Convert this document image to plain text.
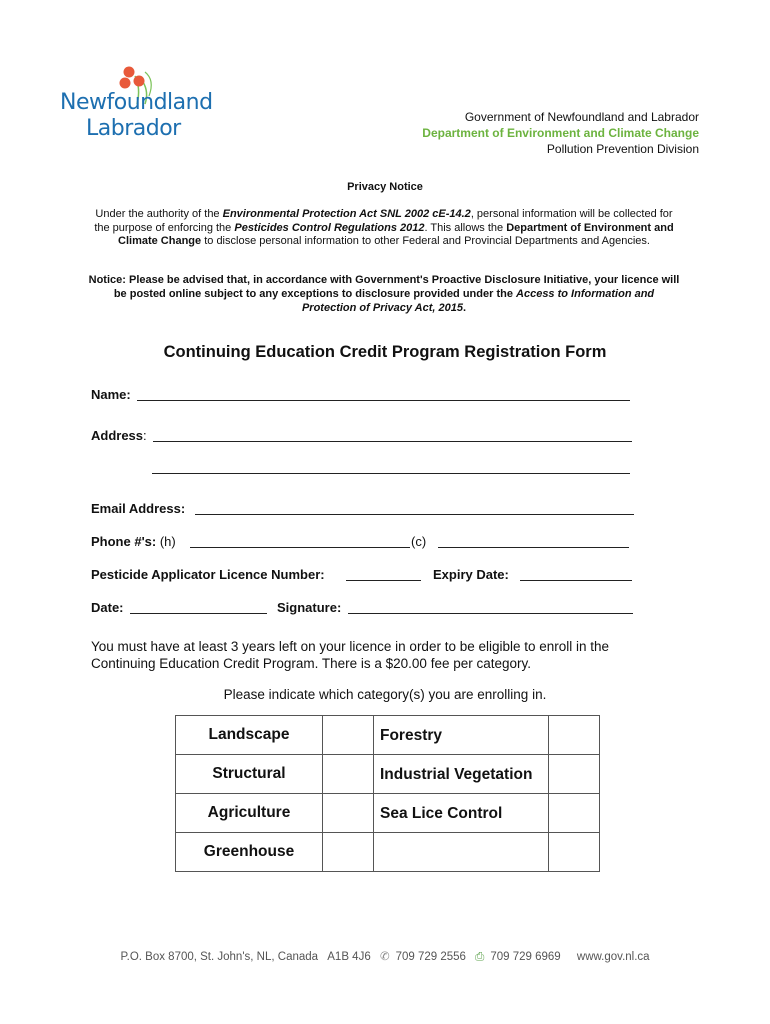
Newfoundland
Labrador	Government of Newfoundland and Labrador
Department of Environment and Climate Change
Pollution Prevention Division
Privacy Notice
Under the authority of the Environmental Protection Act SNL 2002 cE-14.2, personal information will be collected for the purpose of enforcing the Pesticides Control Regulations 2012. This allows the Department of Environment and Climate Change to disclose personal information to other Federal and Provincial Departments and Agencies.
Notice: Please be advised that, in accordance with Government's Proactive Disclosure Initiative, your licence will be posted online subject to any exceptions to disclosure provided under the Access to Information and Protection of Privacy Act, 2015.
Continuing Education Credit Program Registration Form
Name:
Address:
Email Address:
Phone #'s: (h)	(c)
Pesticide Applicator Licence Number:	Expiry Date:
Date:	Signature:
You must have at least 3 years left on your licence in order to be eligible to enroll in the Continuing Education Credit Program. There is a $20.00 fee per category.
Please indicate which category(s) you are enrolling in.
Landscape		Forestry	
Structural		Industrial Vegetation	
Agriculture		Sea Lice Control	
Greenhouse			
P.O. Box 8700, St. John's, NL, Canada A1B 4J6 ✆ 709 729 2556 ⎙ 709 729 6969 www.gov.nl.ca
